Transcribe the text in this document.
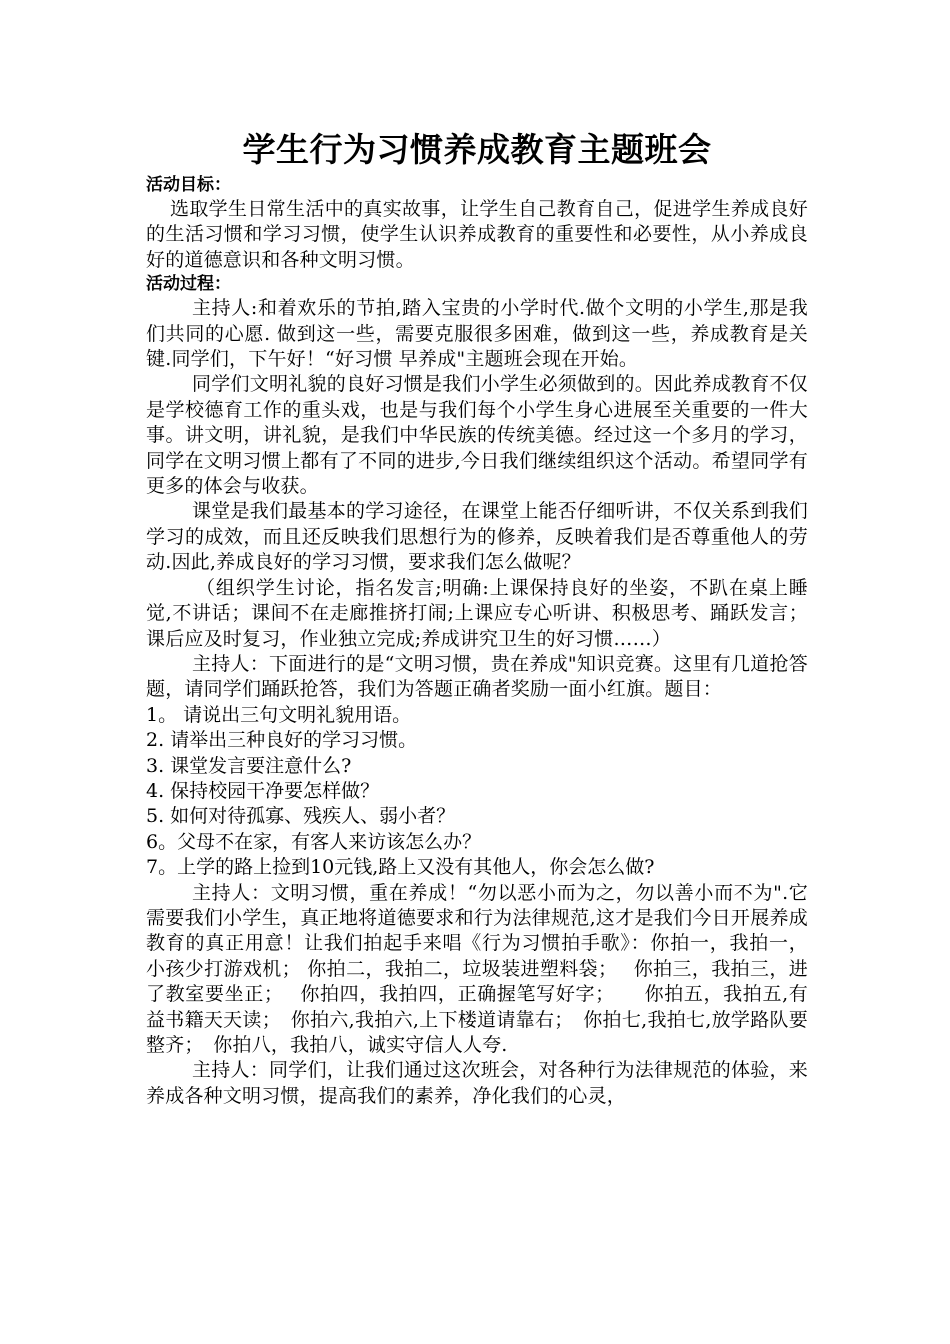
学生行为习惯养成教育主题班会
活动目标：

选取学生日常生活中的真实故事，让学生自己教育自己，促进学生养成良好的生活习惯和学习习惯，使学生认识养成教育的重要性和必要性，从小养成良好的道德意识和各种文明习惯。

活动过程：

主持人:和着欢乐的节拍,踏入宝贵的小学时代.做个文明的小学生,那是我们共同的心愿. 做到这一些，需要克服很多困难，做到这一些，养成教育是关键.同学们，下午好！“好习惯 早养成"主题班会现在开始。

同学们文明礼貌的良好习惯是我们小学生必须做到的。因此养成教育不仅是学校德育工作的重头戏，也是与我们每个小学生身心进展至关重要的一件大事。讲文明，讲礼貌，是我们中华民族的传统美德。经过这一个多月的学习，同学在文明习惯上都有了不同的进步,今日我们继续组织这个活动。希望同学有更多的体会与收获。

课堂是我们最基本的学习途径，在课堂上能否仔细听讲，不仅关系到我们学习的成效，而且还反映我们思想行为的修养，反映着我们是否尊重他人的劳动.因此,养成良好的学习习惯，要求我们怎么做呢？

（组织学生讨论，指名发言;明确:上课保持良好的坐姿，不趴在桌上睡觉,不讲话；课间不在走廊推挤打闹;上课应专心听讲、积极思考、踊跃发言；课后应及时复习，作业独立完成;养成讲究卫生的好习惯……）

主持人：下面进行的是“文明习惯，贵在养成"知识竞赛。这里有几道抢答题，请同学们踊跃抢答，我们为答题正确者奖励一面小红旗。题目：

1。 请说出三句文明礼貌用语。
2. 请举出三种良好的学习习惯。
3. 课堂发言要注意什么?
4. 保持校园干净要怎样做？
5. 如何对待孤寡、残疾人、弱小者？
6。父母不在家，有客人来访该怎么办？
7。上学的路上捡到10元钱,路上又没有其他人，你会怎么做?

主持人：文明习惯，重在养成！“勿以恶小而为之，勿以善小而不为".它需要我们小学生，真正地将道德要求和行为法律规范,这才是我们今日开展养成教育的真正用意！让我们拍起手来唱《行为习惯拍手歌》：你拍一，我拍一，小孩少打游戏机； 你拍二，我拍二，垃圾装进塑料袋；　 你拍三，我拍三，进了教室要坐正；　 你拍四，我拍四，正确握笔写好字；　　你拍五，我拍五,有益书籍天天读；　你拍六,我拍六,上下楼道请靠右；　你拍七,我拍七,放学路队要整齐；　你拍八，我拍八，诚实守信人人夸.

主持人：同学们，让我们通过这次班会，对各种行为法律规范的体验，来养成各种文明习惯，提高我们的素养，净化我们的心灵，
